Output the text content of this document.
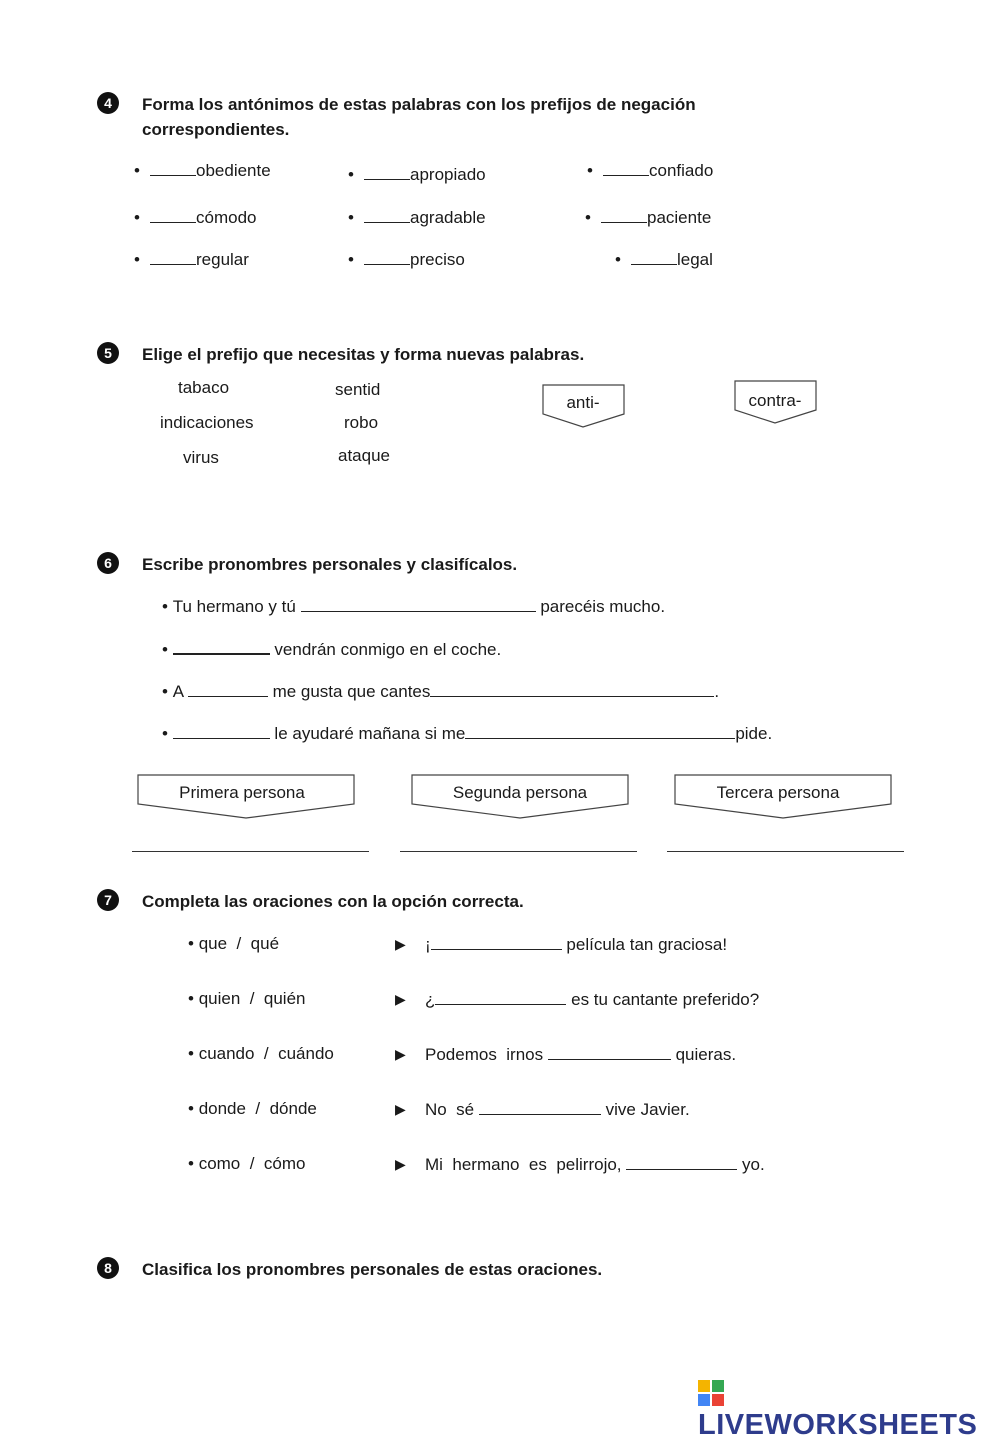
4	Forma los antónimos de estas palabras con los prefijos de negación
correspondientes.
•	obediente	•	apropiado	•	confiado
•	cómodo	•	agradable	•	paciente
•	regular	•	preciso	•	legal
5	Elige el prefijo que necesitas y forma nuevas palabras.
tabaco	sentid
indicaciones	robo
virus	ataque
anti-	contra-
6	Escribe pronombres personales y clasifícalos.
• Tu hermano y tú	parecéis mucho.
•	vendrán conmigo en el coche.
• A	me gusta que cantes	.
•	le ayudaré mañana si me	pide.
Primera persona	Segunda persona	Tercera persona
7	Completa las oraciones con la opción correcta.
• que  /  qué	▶ ¡	película tan graciosa!
• quien  /  quién	▶ ¿	es tu cantante preferido?
• cuando  /  cuándo	▶ Podemos  irnos	quieras.
• donde  /  dónde	▶ No  sé	vive Javier.
• como  /  cómo	▶ Mi  hermano  es  pelirrojo,	yo.
8	Clasifica los pronombres personales de estas oraciones.
LIVEWORKSHEETS
